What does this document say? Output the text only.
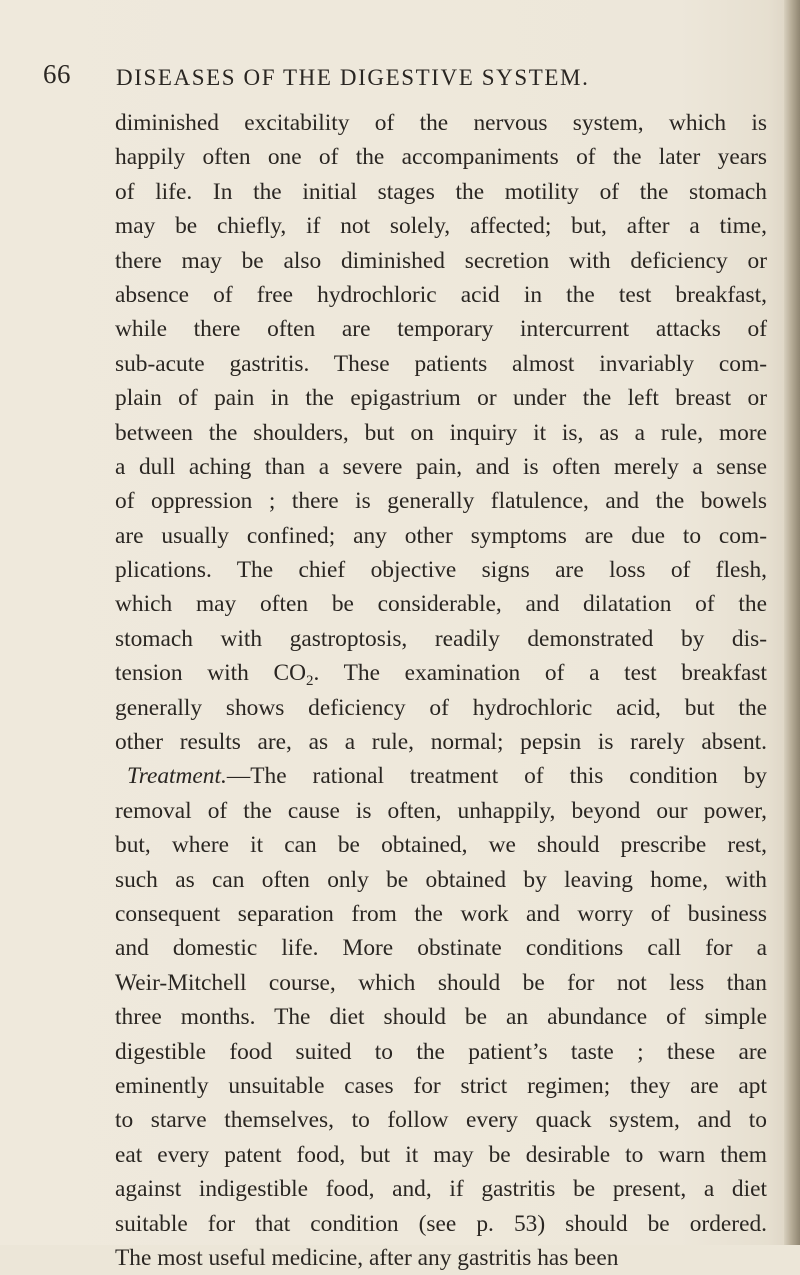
66 DISEASES OF THE DIGESTIVE SYSTEM.
diminished excitability of the nervous system, which is
happily often one of the accompaniments of the later years
of life. In the initial stages the motility of the stomach
may be chiefly, if not solely, affected; but, after a time,
there may be also diminished secretion with deficiency or
absence of free hydrochloric acid in the test breakfast,
while there often are temporary intercurrent attacks of
sub-acute gastritis. These patients almost invariably com-
plain of pain in the epigastrium or under the left breast or
between the shoulders, but on inquiry it is, as a rule, more
a dull aching than a severe pain, and is often merely a sense
of oppression ; there is generally flatulence, and the bowels
are usually confined; any other symptoms are due to com-
plications. The chief objective signs are loss of flesh,
which may often be considerable, and dilatation of the
stomach with gastroptosis, readily demonstrated by dis-
tension with $CO_2$. The examination of a test breakfast
generally shows deficiency of hydrochloric acid, but the
other results are, as a rule, normal; pepsin is rarely absent.
Treatment.—The rational treatment of this condition by
removal of the cause is often, unhappily, beyond our power,
but, where it can be obtained, we should prescribe rest,
such as can often only be obtained by leaving home, with
consequent separation from the work and worry of business
and domestic life. More obstinate conditions call for a
Weir-Mitchell course, which should be for not less than
three months. The diet should be an abundance of simple
digestible food suited to the patient’s taste ; these are
eminently unsuitable cases for strict regimen; they are apt
to starve themselves, to follow every quack system, and to
eat every patent food, but it may be desirable to warn them
against indigestible food, and, if gastritis be present, a diet
suitable for that condition (see p. 53) should be ordered.
The most useful medicine, after any gastritis has been
